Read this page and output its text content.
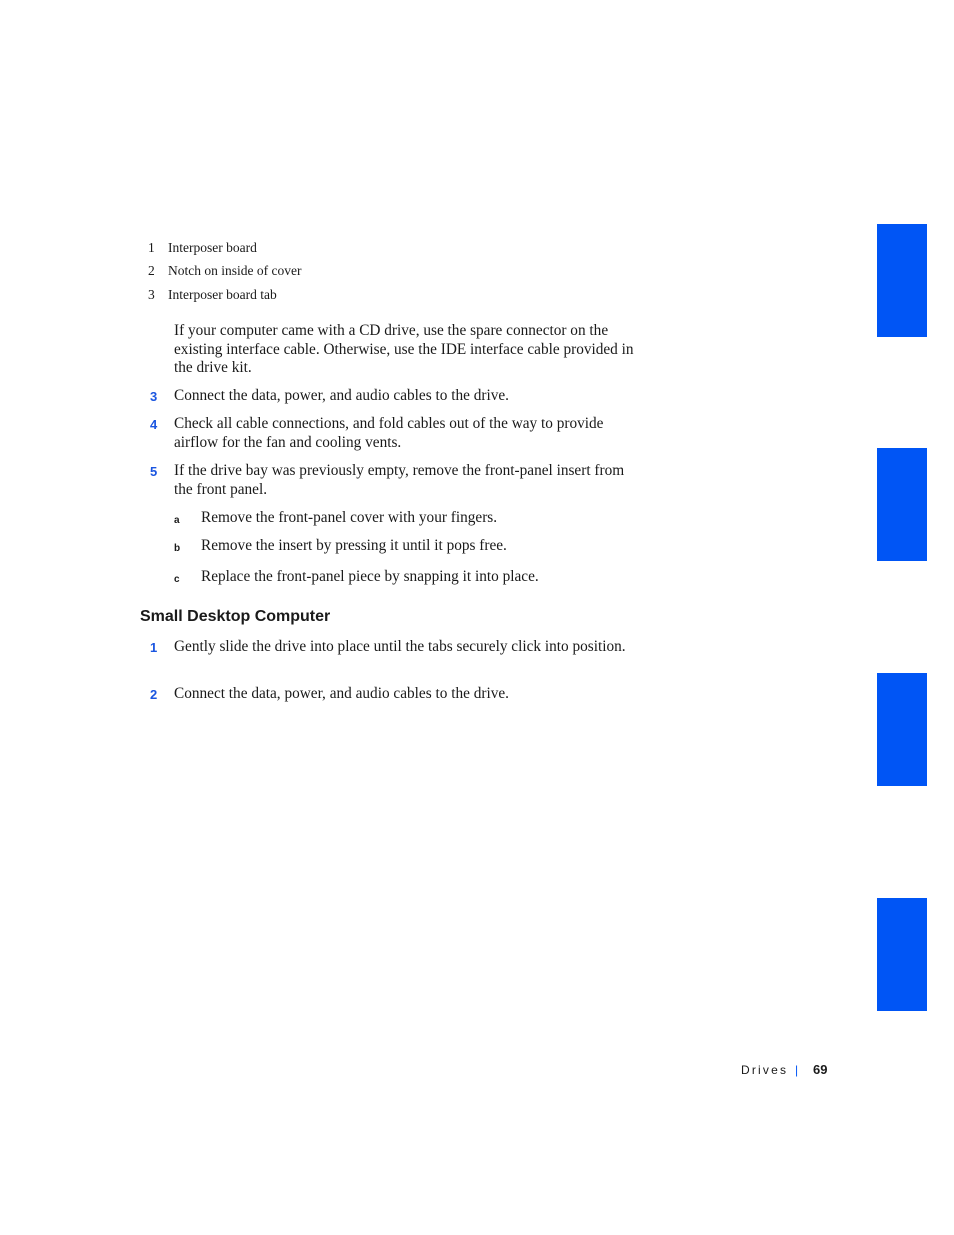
1 Interposer board
2 Notch on inside of cover
3 Interposer board tab
If your computer came with a CD drive, use the spare connector on the existing interface cable. Otherwise, use the IDE interface cable provided in the drive kit.
3 Connect the data, power, and audio cables to the drive.
4 Check all cable connections, and fold cables out of the way to provide airflow for the fan and cooling vents.
5 If the drive bay was previously empty, remove the front-panel insert from the front panel.
a Remove the front-panel cover with your fingers.
b Remove the insert by pressing it until it pops free.
c Replace the front-panel piece by snapping it into place.
Small Desktop Computer
1 Gently slide the drive into place until the tabs securely click into position.
2 Connect the data, power, and audio cables to the drive.
Drives | 69
